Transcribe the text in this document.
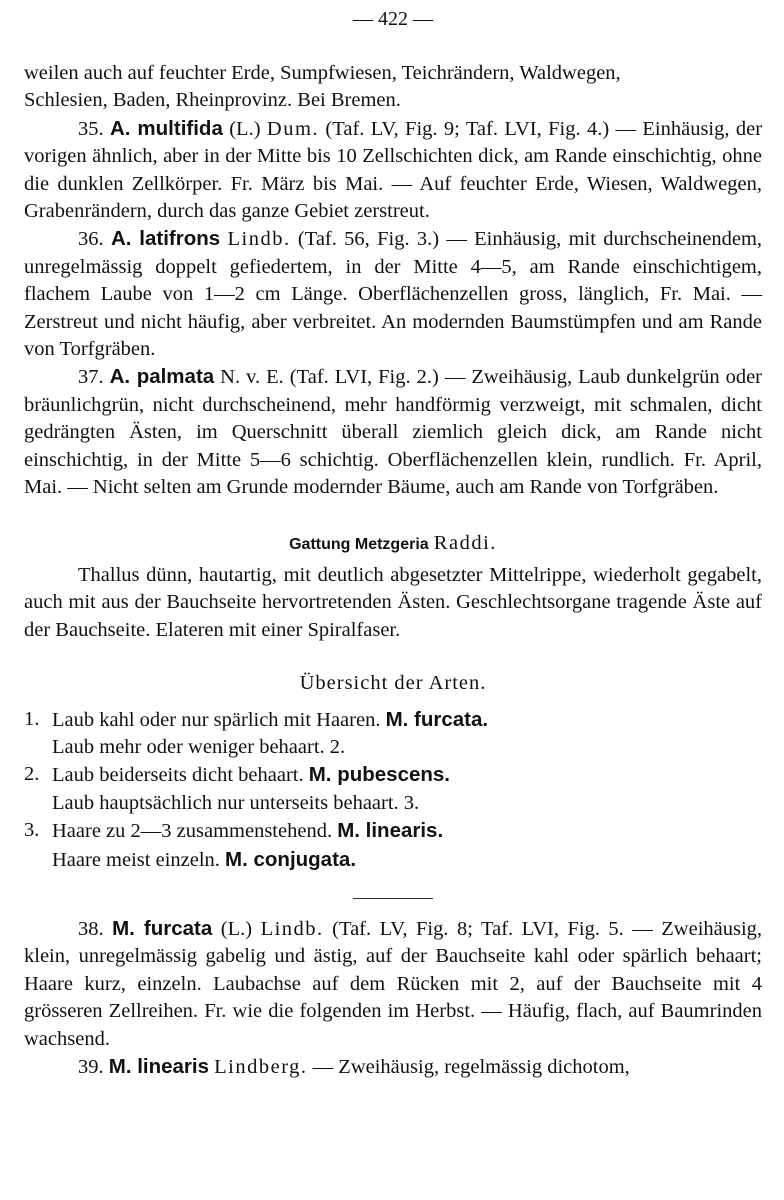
— 422 —

weilen auch auf feuchter Erde, Sumpfwiesen, Teichrändern, Waldwegen,
Schlesien, Baden, Rheinprovinz. Bei Bremen.

35. A. multifida (L.) Dum. (Taf. LV, Fig. 9; Taf. LVI, Fig. 4.) — Einhäusig, der vorigen ähnlich, aber in der Mitte bis 10 Zellschichten dick, am Rande einschichtig, ohne die dunklen Zellkörper. Fr. März bis Mai. — Auf feuchter Erde, Wiesen, Waldwegen, Grabenrändern, durch das ganze Gebiet zerstreut.

36. A. latifrons Lindb. (Taf. 56, Fig. 3.) — Einhäusig, mit durchscheinendem, unregelmässig doppelt gefiedertem, in der Mitte 4—5, am Rande einschichtigem, flachem Laube von 1—2 cm Länge. Oberflächenzellen gross, länglich, Fr. Mai. — Zerstreut und nicht häufig, aber verbreitet. An modernden Baumstümpfen und am Rande von Torfgräben.

37. A. palmata N. v. E. (Taf. LVI, Fig. 2.) — Zweihäusig, Laub dunkelgrün oder bräunlichgrün, nicht durchscheinend, mehr handförmig verzweigt, mit schmalen, dicht gedrängten Ästen, im Querschnitt überall ziemlich gleich dick, am Rande nicht einschichtig, in der Mitte 5—6 schichtig. Oberflächenzellen klein, rundlich. Fr. April, Mai. — Nicht selten am Grunde modernder Bäume, auch am Rande von Torfgräben.

Gattung Metzgeria Raddi.

Thallus dünn, hautartig, mit deutlich abgesetzter Mittelrippe, wiederholt gegabelt, auch mit aus der Bauchseite hervortretenden Ästen. Geschlechtsorgane tragende Äste auf der Bauchseite. Elateren mit einer Spiralfaser.

Übersicht der Arten.
1. Laub kahl oder nur spärlich mit Haaren. M. furcata.
Laub mehr oder weniger behaart. 2.
2. Laub beiderseits dicht behaart. M. pubescens.
Laub hauptsächlich nur unterseits behaart. 3.
3. Haare zu 2—3 zusammenstehend. M. linearis.
Haare meist einzeln. M. conjugata.

38. M. furcata (L.) Lindb. (Taf. LV, Fig. 8; Taf. LVI, Fig. 5. — Zweihäusig, klein, unregelmässig gabelig und ästig, auf der Bauchseite kahl oder spärlich behaart; Haare kurz, einzeln. Laubachse auf dem Rücken mit 2, auf der Bauchseite mit 4 grösseren Zellreihen. Fr. wie die folgenden im Herbst. — Häufig, flach, auf Baumrinden wachsend.

39. M. linearis Lindberg. — Zweihäusig, regelmässig dichotom,
